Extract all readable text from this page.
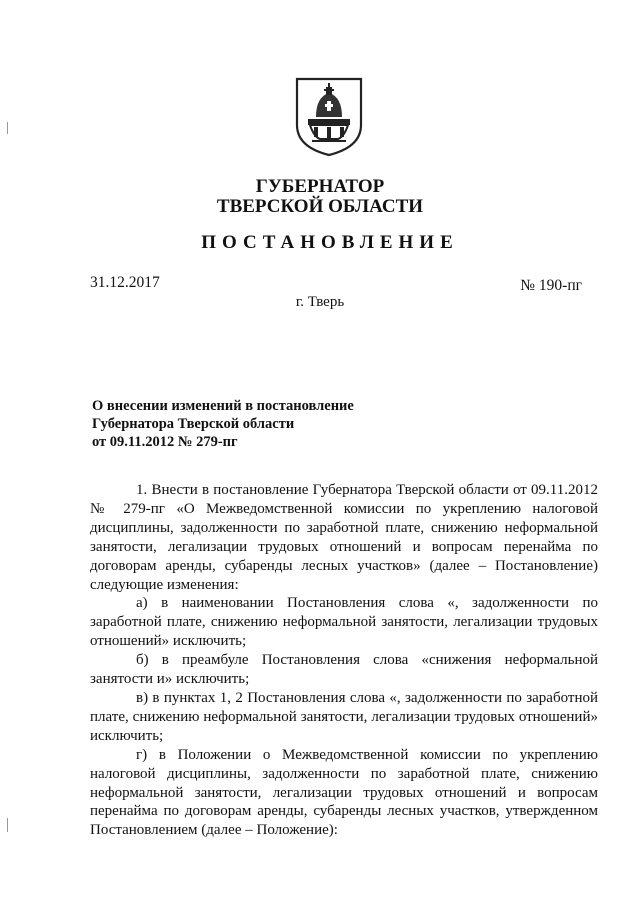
ГУБЕРНАТОР
ТВЕРСКОЙ ОБЛАСТИ
ПОСТАНОВЛЕНИЕ
31.12.2017	№ 190-пг
г. Тверь
О внесении изменений в постановление
Губернатора Тверской области
от 09.11.2012 № 279-пг

1. Внести в постановление Губернатора Тверской области от 09.11.2012 № 279-пг «О Межведомственной комиссии по укреплению налоговой дисциплины, задолженности по заработной плате, снижению неформальной занятости, легализации трудовых отношений и вопросам перенайма по договорам аренды, субаренды лесных участков» (далее – Постановление) следующие изменения:

а) в наименовании Постановления слова «, задолженности по заработной плате, снижению неформальной занятости, легализации трудовых отношений» исключить;

б) в преамбуле Постановления слова «снижения неформальной занятости и» исключить;

в) в пунктах 1, 2 Постановления слова «, задолженности по заработной плате, снижению неформальной занятости, легализации трудовых отношений» исключить;

г) в Положении о Межведомственной комиссии по укреплению налоговой дисциплины, задолженности по заработной плате, снижению неформальной занятости, легализации трудовых отношений и вопросам перенайма по договорам аренды, субаренды лесных участков, утвержденном Постановлением (далее – Положение):
